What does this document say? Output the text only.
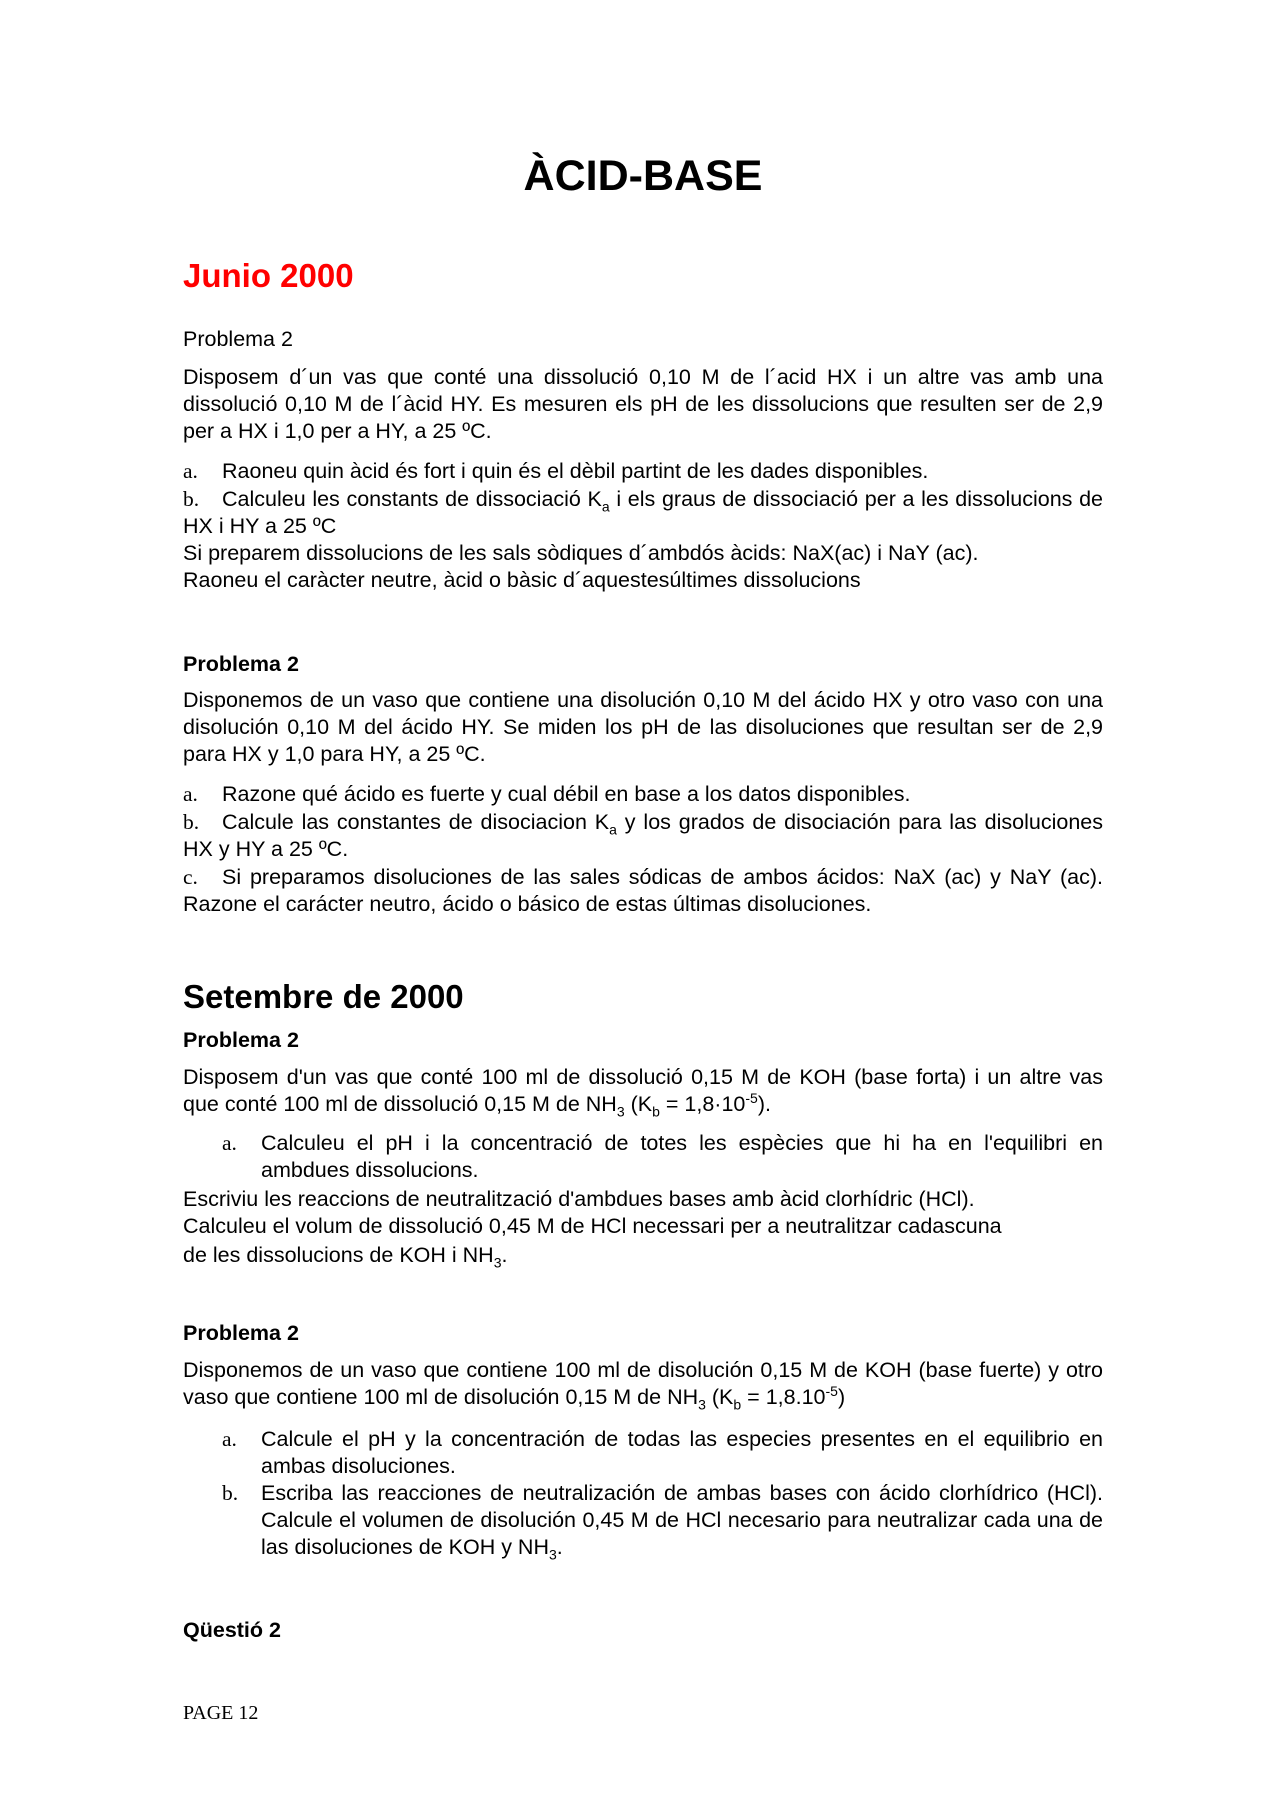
ÀCID-BASE
Junio 2000

Problema 2

Disposem d´un vas que conté una dissolució 0,10 M de l´acid HX i un altre vas amb una dissolució 0,10 M de l´àcid HY. Es mesuren els pH de les dissolucions que resulten ser de 2,9 per a HX i 1,0 per a HY, a 25 ºC.

a. Raoneu quin àcid és fort i quin és el dèbil partint de les dades disponibles.

b. Calculeu les constants de dissociació $K_a$ i els graus de dissociació per a les dissolucions de HX i HY a 25 ºC

Si preparem dissolucions de les sals sòdiques d´ambdós àcids: NaX(ac) i NaY (ac).
Raoneu el caràcter neutre, àcid o bàsic d´aquestesúltimes dissolucions

Problema 2

Disponemos de un vaso que contiene una disolución 0,10 M del ácido HX y otro vaso con una disolución 0,10 M del ácido HY. Se miden los pH de las disoluciones que resultan ser de 2,9 para HX y 1,0 para HY, a 25 ºC.

a. Razone qué ácido es fuerte y cual débil en base a los datos disponibles.

b. Calcule las constantes de disociacion $K_a$ y los grados de disociación para las disoluciones HX y HY a 25 ºC.

c. Si preparamos disoluciones de las sales sódicas de ambos ácidos: NaX (ac) y NaY (ac). Razone el carácter neutro, ácido o básico de estas últimas disoluciones.

Setembre de 2000

Problema 2

Disposem d'un vas que conté 100 ml de dissolució 0,15 M de KOH (base forta) i un altre vas que conté 100 ml de dissolució 0,15 M de $NH_3$ $(K_b = 1,8\cdot 10^{-5})$.

a. Calculeu el pH i la concentració de totes les espècies que hi ha en l'equilibri en ambdues dissolucions.

Escriviu les reaccions de neutralització d'ambdues bases amb àcid clorhídric (HCl).
Calculeu el volum de dissolució 0,45 M de HCl necessari per a neutralitzar cadascuna
de les dissolucions de KOH i $NH_3$.

Problema 2

Disponemos de un vaso que contiene 100 ml de disolución 0,15 M de KOH (base fuerte) y otro vaso que contiene 100 ml de disolución 0,15 M de $NH_3$ $(K_b = 1,8.10^{-5})$

a. Calcule el pH y la concentración de todas las especies presentes en el equilibrio en ambas disoluciones.

b. Escriba las reacciones de neutralización de ambas bases con ácido clorhídrico (HCl). Calcule el volumen de disolución 0,45 M de HCl necesario para neutralizar cada una de las disoluciones de KOH y $NH_3$.

Qüestió 2

PAGE 12
